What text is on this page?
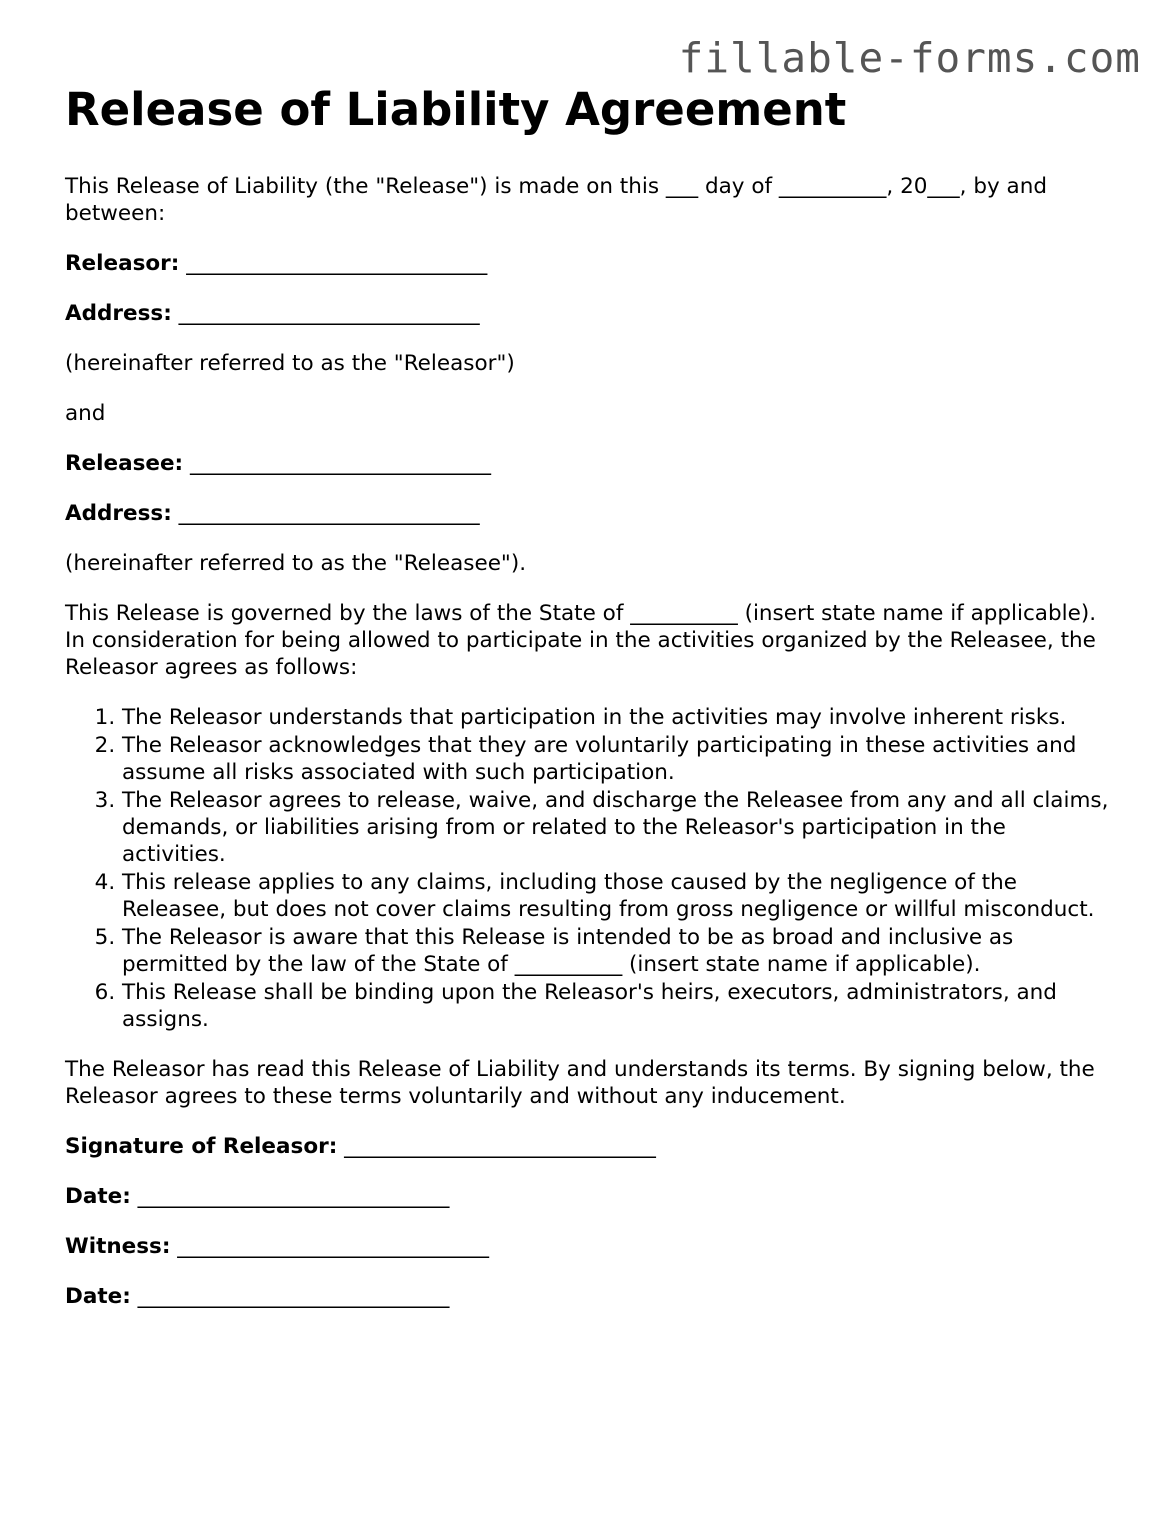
fillable-forms.com
Release of Liability Agreement

This Release of Liability (the "Release") is made on this ___ day of __________, 20___, by and between:

Releasor: ____________________________

Address: ____________________________

(hereinafter referred to as the "Releasor")

and

Releasee: ____________________________

Address: ____________________________

(hereinafter referred to as the "Releasee").

This Release is governed by the laws of the State of __________ (insert state name if applicable). In consideration for being allowed to participate in the activities organized by the Releasee, the Releasor agrees as follows:

1. The Releasor understands that participation in the activities may involve inherent risks.
2. The Releasor acknowledges that they are voluntarily participating in these activities and assume all risks associated with such participation.
3. The Releasor agrees to release, waive, and discharge the Releasee from any and all claims, demands, or liabilities arising from or related to the Releasor's participation in the activities.
4. This release applies to any claims, including those caused by the negligence of the Releasee, but does not cover claims resulting from gross negligence or willful misconduct.
5. The Releasor is aware that this Release is intended to be as broad and inclusive as permitted by the law of the State of __________ (insert state name if applicable).
6. This Release shall be binding upon the Releasor's heirs, executors, administrators, and assigns.

The Releasor has read this Release of Liability and understands its terms. By signing below, the Releasor agrees to these terms voluntarily and without any inducement.

Signature of Releasor: _____________________________

Date: _____________________________

Witness: _____________________________

Date: _____________________________
